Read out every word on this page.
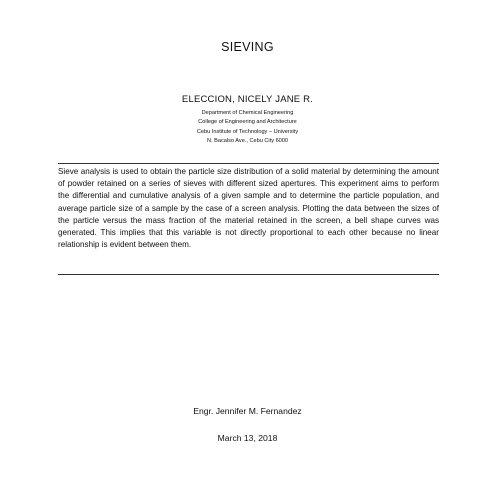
SIEVING
ELECCION, NICELY JANE R.
Department of Chemical Engineering
College of Engineering and Architecture
Cebu Institute of Technology – University
N. Bacalso Ave., Cebu City 6000

Sieve analysis is used to obtain the particle size distribution of a solid material by determining the amount of powder retained on a series of sieves with different sized apertures. This experiment aims to perform the differential and cumulative analysis of a given sample and to determine the particle population, and average particle size of a sample by the case of a screen analysis. Plotting the data between the sizes of the particle versus the mass fraction of the material retained in the screen, a bell shape curves was generated. This implies that this variable is not directly proportional to each other because no linear relationship is evident between them.

Engr. Jennifer M. Fernandez
March 13, 2018
